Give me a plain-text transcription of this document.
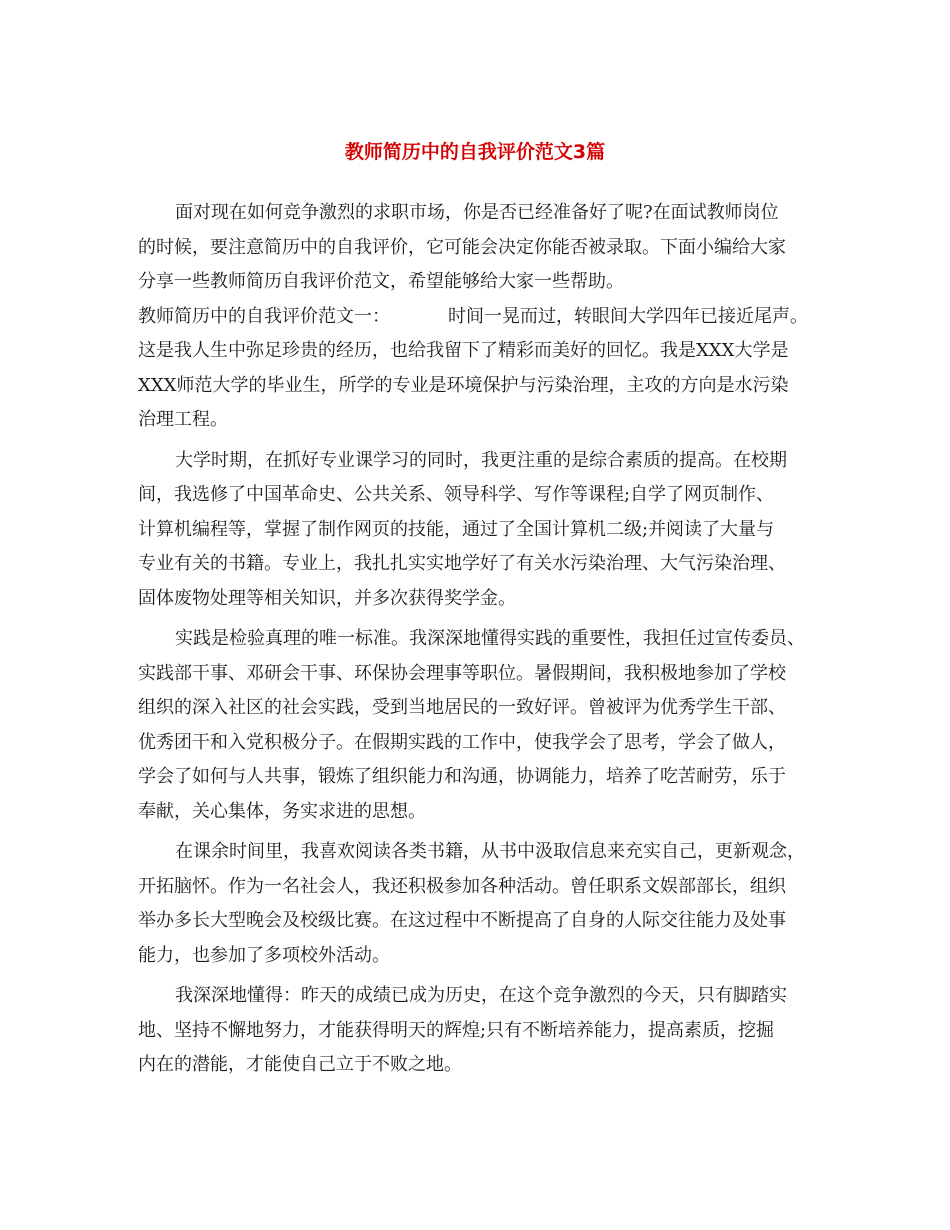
教师简历中的自我评价范文3篇
面对现在如何竞争激烈的求职市场，你是否已经准备好了呢?在面试教师岗位
的时候，要注意简历中的自我评价，它可能会决定你能否被录取。下面小编给大家
分享一些教师简历自我评价范文，希望能够给大家一些帮助。
教师简历中的自我评价范文一：	时间一晃而过，转眼间大学四年已接近尾声。
这是我人生中弥足珍贵的经历，也给我留下了精彩而美好的回忆。我是XXX大学是
XXX师范大学的毕业生，所学的专业是环境保护与污染治理，主攻的方向是水污染
治理工程。
大学时期，在抓好专业课学习的同时，我更注重的是综合素质的提高。在校期
间，我选修了中国革命史、公共关系、领导科学、写作等课程;自学了网页制作、
计算机编程等，掌握了制作网页的技能，通过了全国计算机二级;并阅读了大量与
专业有关的书籍。专业上，我扎扎实实地学好了有关水污染治理、大气污染治理、
固体废物处理等相关知识，并多次获得奖学金。
实践是检验真理的唯一标准。我深深地懂得实践的重要性，我担任过宣传委员、
实践部干事、邓研会干事、环保协会理事等职位。暑假期间，我积极地参加了学校
组织的深入社区的社会实践，受到当地居民的一致好评。曾被评为优秀学生干部、
优秀团干和入党积极分子。在假期实践的工作中，使我学会了思考，学会了做人，
学会了如何与人共事，锻炼了组织能力和沟通，协调能力，培养了吃苦耐劳，乐于
奉献，关心集体，务实求进的思想。
在课余时间里，我喜欢阅读各类书籍，从书中汲取信息来充实自己，更新观念，
开拓脑怀。作为一名社会人，我还积极参加各种活动。曾任职系文娱部部长，组织
举办多长大型晚会及校级比赛。在这过程中不断提高了自身的人际交往能力及处事
能力，也参加了多项校外活动。
我深深地懂得：昨天的成绩已成为历史，在这个竞争激烈的今天，只有脚踏实
地、坚持不懈地努力，才能获得明天的辉煌;只有不断培养能力，提高素质，挖掘
内在的潜能，才能使自己立于不败之地。
